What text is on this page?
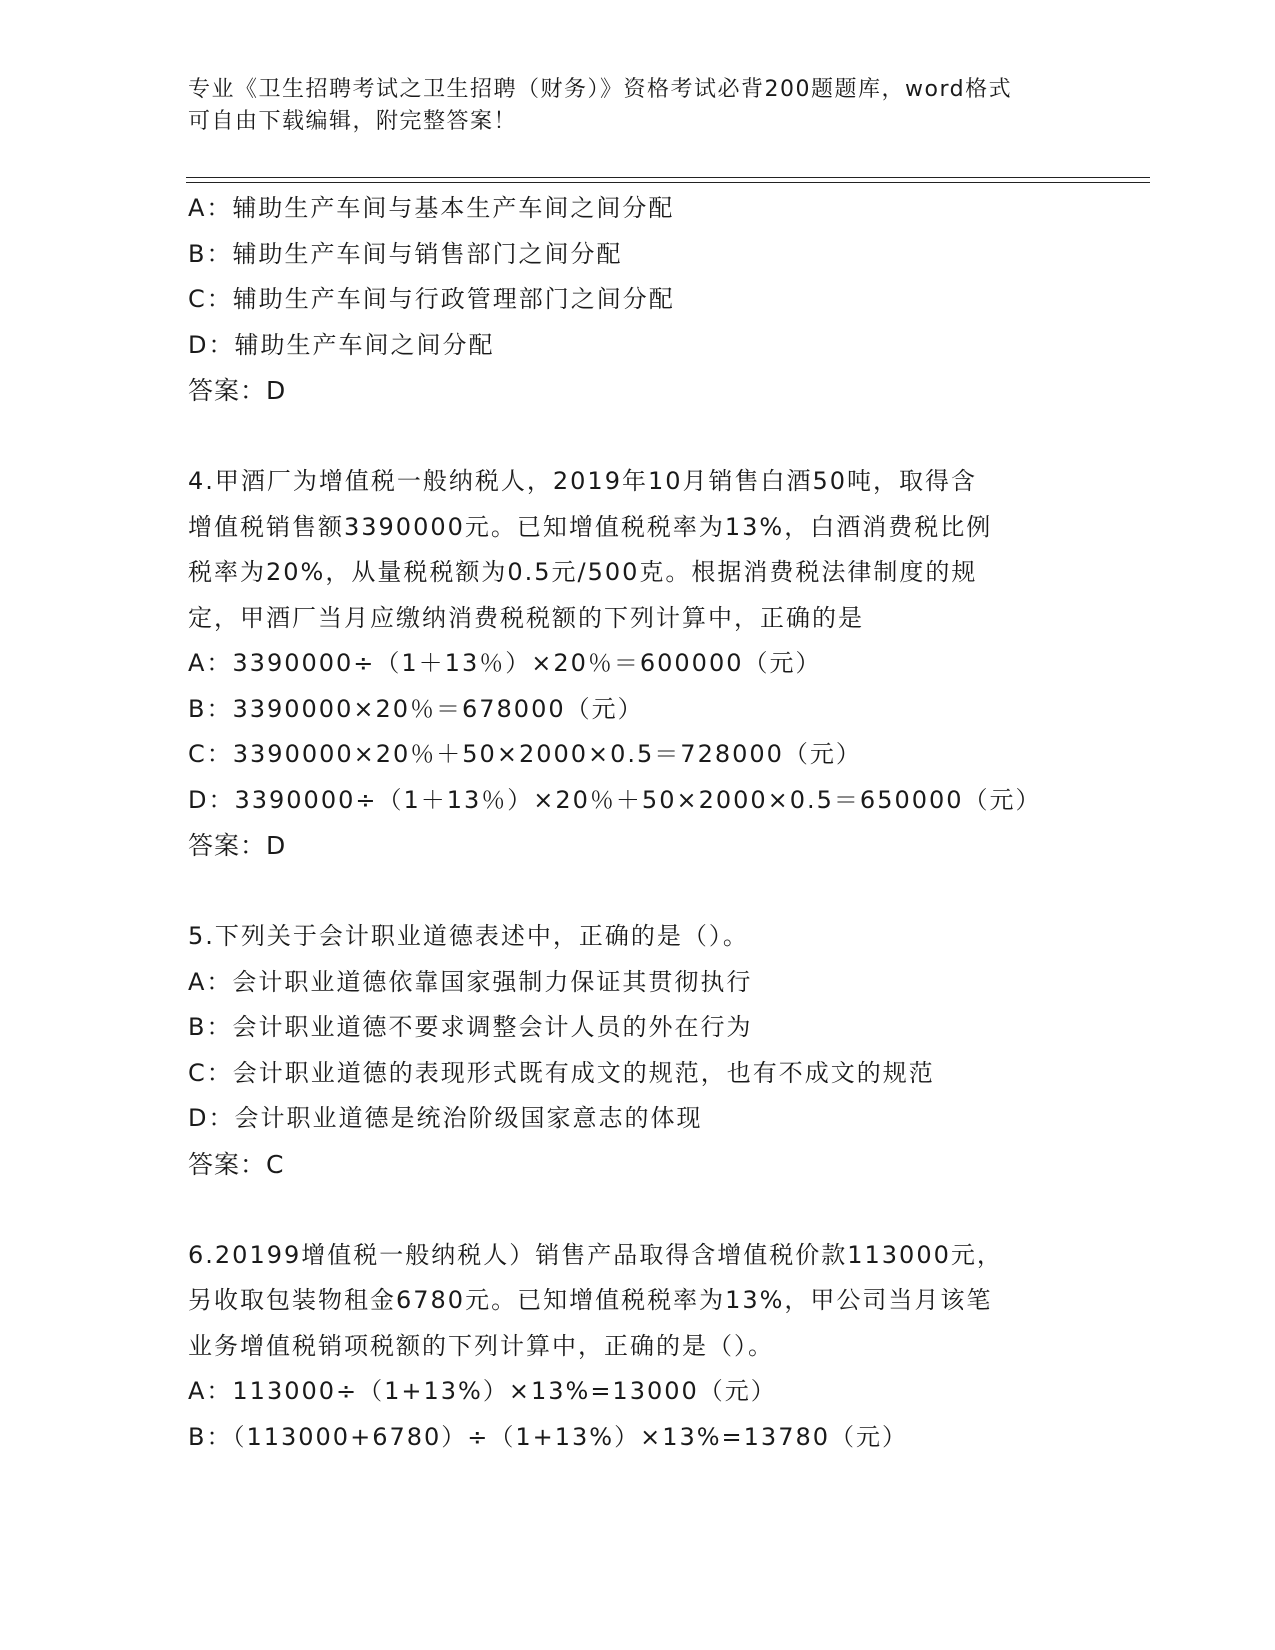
专业《卫生招聘考试之卫生招聘（财务）》资格考试必背200题题库，word格式
可自由下载编辑，附完整答案！
A：辅助生产车间与基本生产车间之间分配
B：辅助生产车间与销售部门之间分配
C：辅助生产车间与行政管理部门之间分配
D：辅助生产车间之间分配
答案：D
4.甲酒厂为增值税一般纳税人，2019年10月销售白酒50吨，取得含
增值税销售额3390000元。已知增值税税率为13%，白酒消费税比例
税率为20%，从量税税额为0.5元/500克。根据消费税法律制度的规
定，甲酒厂当月应缴纳消费税税额的下列计算中，正确的是
A：3390000÷（1＋13％）×20％＝600000（元）
B：3390000×20％＝678000（元）
C：3390000×20％＋50×2000×0.5＝728000（元）
D：3390000÷（1＋13％）×20％＋50×2000×0.5＝650000（元）
答案：D
5.下列关于会计职业道德表述中，正确的是（）。
A：会计职业道德依靠国家强制力保证其贯彻执行
B：会计职业道德不要求调整会计人员的外在行为
C：会计职业道德的表现形式既有成文的规范，也有不成文的规范
D：会计职业道德是统治阶级国家意志的体现
答案：C
6.20199增值税一般纳税人）销售产品取得含增值税价款113000元，
另收取包装物租金6780元。已知增值税税率为13%，甲公司当月该笔
业务增值税销项税额的下列计算中，正确的是（）。
A：113000÷（1+13%）×13%=13000（元）
B：（113000+6780）÷（1+13%）×13%=13780（元）
